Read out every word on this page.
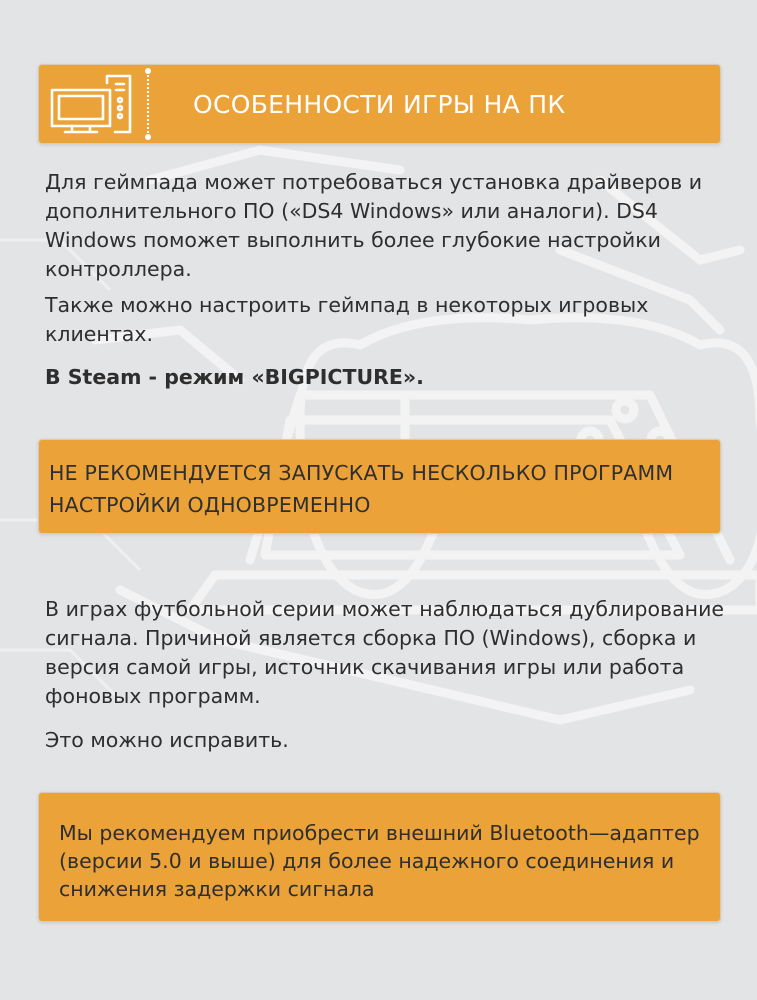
ОСОБЕННОСТИ ИГРЫ НА ПК

Для геймпада может потребоваться установка драйверов и дополнительного ПО («DS4 Windows» или аналоги). DS4 Windows поможет выполнить более глубокие настройки контроллера.

Также можно настроить геймпад в некоторых игровых клиентах.

В Steam - режим «BIGPICTURE».

НЕ РЕКОМЕНДУЕТСЯ ЗАПУСКАТЬ НЕСКОЛЬКО ПРОГРАММ НАСТРОЙКИ ОДНОВРЕМЕННО

В играх футбольной серии может наблюдаться дублирование сигнала. Причиной является сборка ПО (Windows), сборка и версия самой игры, источник скачивания игры или работа фоновых программ.

Это можно исправить.

Мы рекомендуем приобрести внешний Bluetooth—адаптер (версии 5.0 и выше) для более надежного соединения и снижения задержки сигнала
